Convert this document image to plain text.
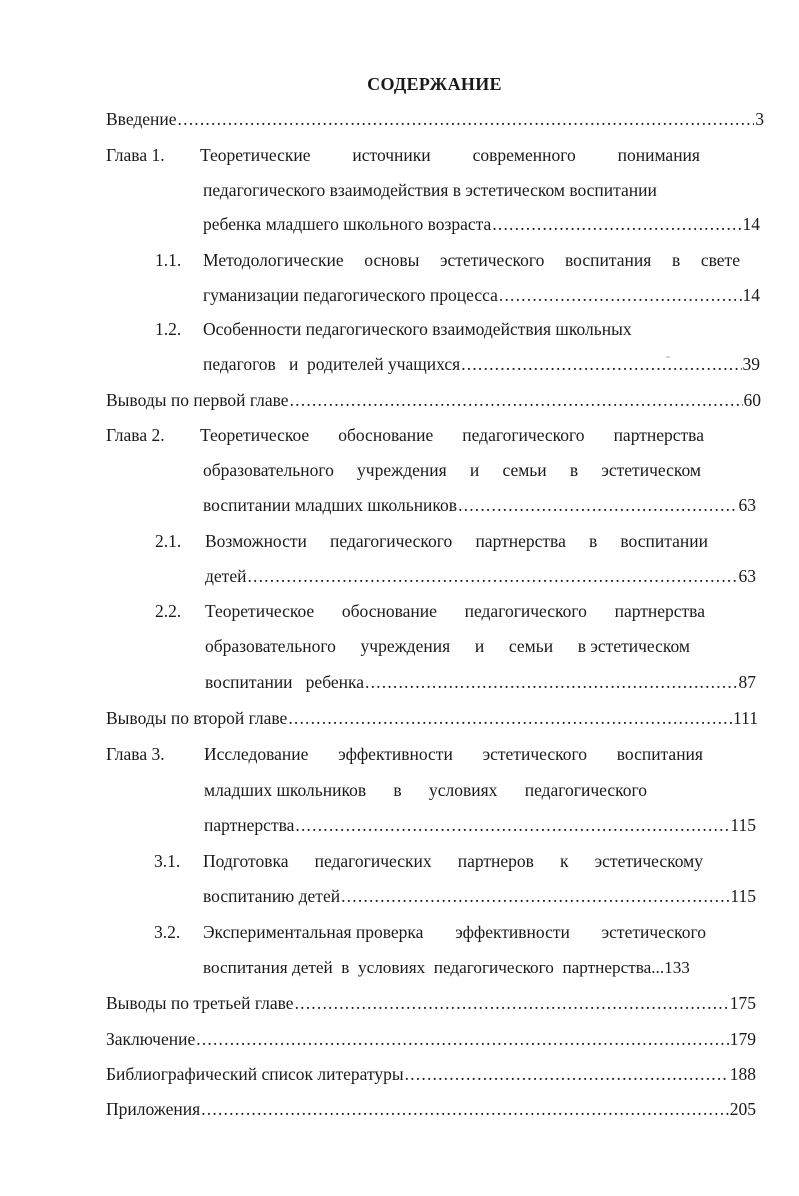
СОДЕРЖАНИЕ
Введение .....	3
Глава 1. Теоретические источники современного понимания
педагогического взаимодействия в эстетическом воспитании
ребенка младшего школьного возраста .....	14
1.1. Методологические основы эстетического воспитания в свете
гуманизации педагогического процесса .....	14
1.2. Особенности педагогического взаимодействия школьных
педагогов   и  родителей учащихся .....	39
Выводы по первой главе .....	60
Глава 2. Теоретическое обоснование педагогического партнерства
образовательного учреждения и семьи в эстетическом
воспитании младших школьников .....	63
2.1. Возможности педагогического партнерства в воспитании
детей .....	63
2.2. Теоретическое обоснование педагогического партнерства
образовательного учреждения и семьи в эстетическом
воспитании   ребенка .....	87
Выводы по второй главе .....	111
Глава 3. Исследование эффективности эстетического воспитания
младших школьников в условиях педагогического
партнерства .....	115
3.1. Подготовка педагогических партнеров к эстетическому
воспитанию детей .....	115
3.2. Экспериментальная проверка эффективности эстетического
воспитания детей  в  условиях  педагогического  партнерства...133
Выводы по третьей главе .....	175
Заключение .....	179
Библиографический список литературы .....	188
Приложения .....	205
